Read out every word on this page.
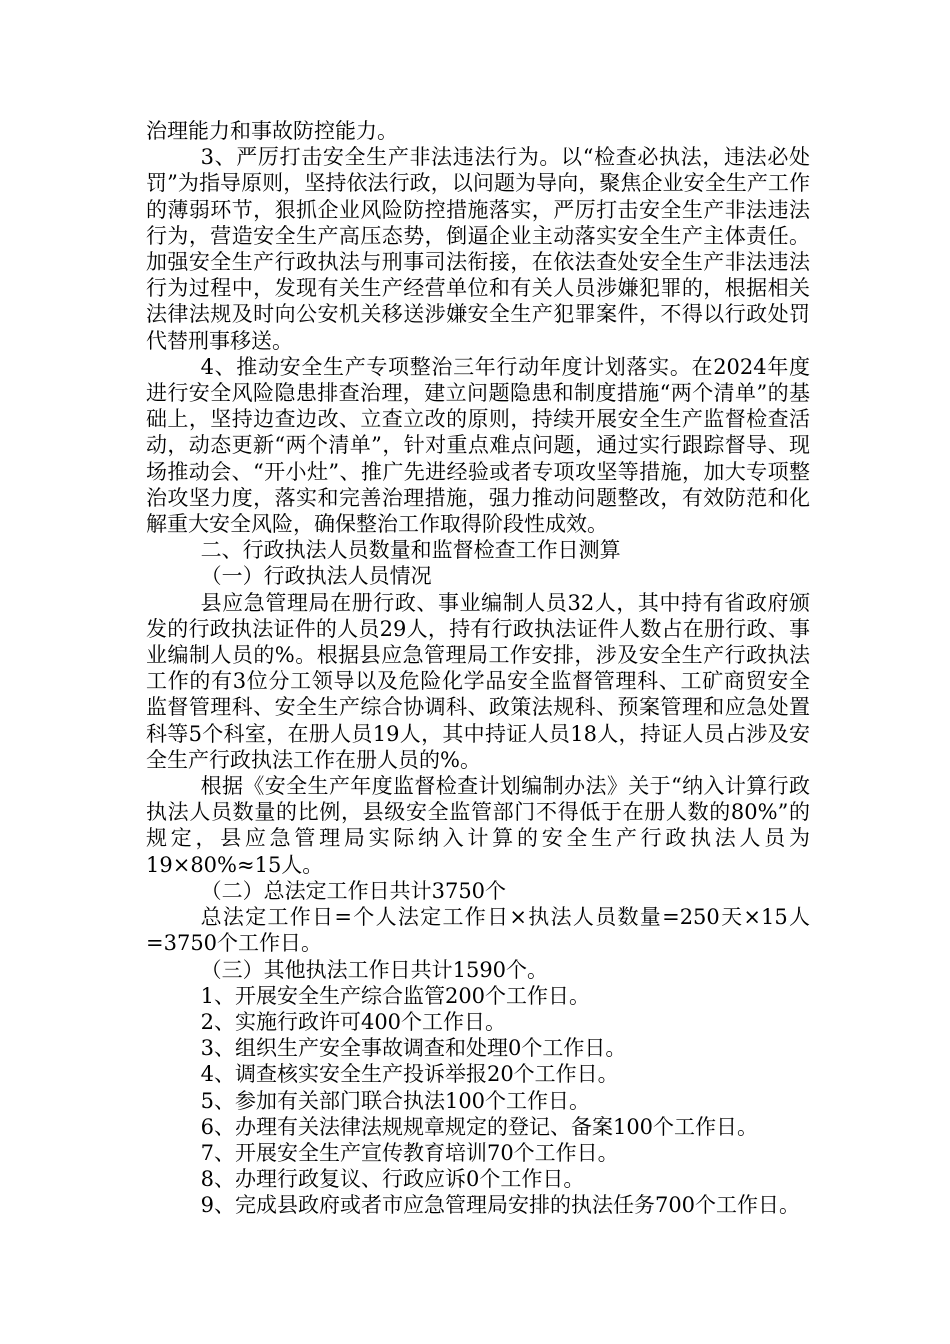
治理能力和事故防控能力。

3、严厉打击安全生产非法违法行为。以“检查必执法，违法必处罚”为指导原则，坚持依法行政，以问题为导向，聚焦企业安全生产工作的薄弱环节，狠抓企业风险防控措施落实，严厉打击安全生产非法违法行为，营造安全生产高压态势，倒逼企业主动落实安全生产主体责任。加强安全生产行政执法与刑事司法衔接，在依法查处安全生产非法违法行为过程中，发现有关生产经营单位和有关人员涉嫌犯罪的，根据相关法律法规及时向公安机关移送涉嫌安全生产犯罪案件，不得以行政处罚代替刑事移送。

4、推动安全生产专项整治三年行动年度计划落实。在2024年度进行安全风险隐患排查治理，建立问题隐患和制度措施“两个清单”的基础上，坚持边查边改、立查立改的原则，持续开展安全生产监督检查活动，动态更新“两个清单”，针对重点难点问题，通过实行跟踪督导、现场推动会、“开小灶”、推广先进经验或者专项攻坚等措施，加大专项整治攻坚力度，落实和完善治理措施，强力推动问题整改，有效防范和化解重大安全风险，确保整治工作取得阶段性成效。

二、行政执法人员数量和监督检查工作日测算

（一）行政执法人员情况

县应急管理局在册行政、事业编制人员32人，其中持有省政府颁发的行政执法证件的人员29人，持有行政执法证件人数占在册行政、事业编制人员的%。根据县应急管理局工作安排，涉及安全生产行政执法工作的有3位分工领导以及危险化学品安全监督管理科、工矿商贸安全监督管理科、安全生产综合协调科、政策法规科、预案管理和应急处置科等5个科室，在册人员19人，其中持证人员18人，持证人员占涉及安全生产行政执法工作在册人员的%。

根据《安全生产年度监督检查计划编制办法》关于“纳入计算行政执法人员数量的比例，县级安全监管部门不得低于在册人数的80%”的规定，县应急管理局实际纳入计算的安全生产行政执法人员为19×80%≈15人。

（二）总法定工作日共计3750个

总法定工作日=个人法定工作日×执法人员数量=250天×15人=3750个工作日。

（三）其他执法工作日共计1590个。

1、开展安全生产综合监管200个工作日。

2、实施行政许可400个工作日。

3、组织生产安全事故调查和处理0个工作日。

4、调查核实安全生产投诉举报20个工作日。

5、参加有关部门联合执法100个工作日。

6、办理有关法律法规规章规定的登记、备案100个工作日。

7、开展安全生产宣传教育培训70个工作日。

8、办理行政复议、行政应诉0个工作日。

9、完成县政府或者市应急管理局安排的执法任务700个工作日。
